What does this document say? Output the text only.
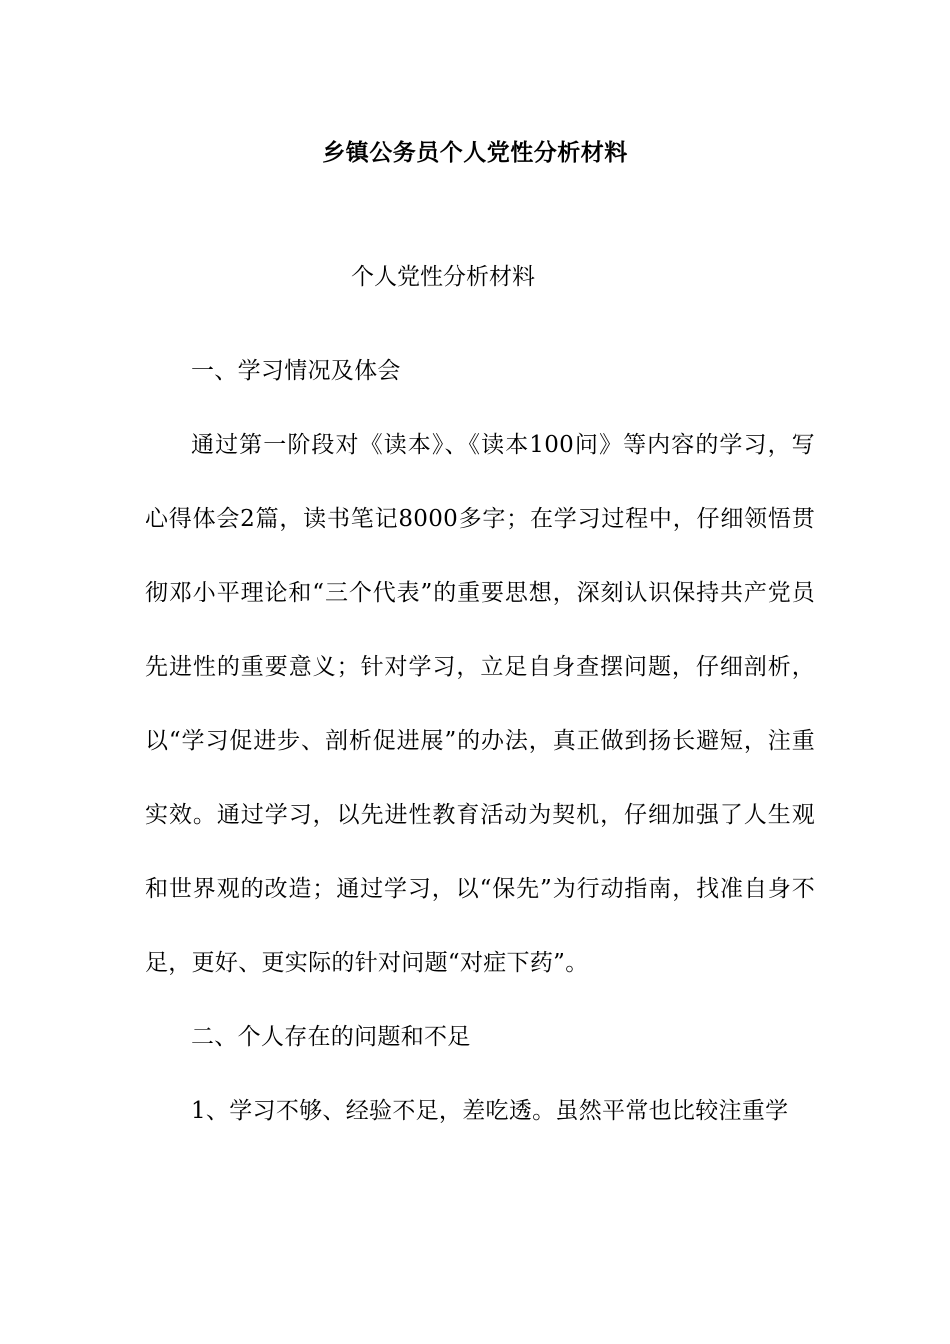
乡镇公务员个人党性分析材料
个人党性分析材料

一、学习情况及体会

通过第一阶段对《读本》、《读本100问》等内容的学习，写心得体会2篇，读书笔记8000多字；在学习过程中，仔细领悟贯彻邓小平理论和“三个代表”的重要思想，深刻认识保持共产党员先进性的重要意义；针对学习，立足自身查摆问题，仔细剖析，以“学习促进步、剖析促进展”的办法，真正做到扬长避短，注重实效。通过学习，以先进性教育活动为契机，仔细加强了人生观和世界观的改造；通过学习，以“保先”为行动指南，找准自身不足，更好、更实际的针对问题“对症下药”。

二、个人存在的问题和不足

1、学习不够、经验不足，差吃透。虽然平常也比较注重学
